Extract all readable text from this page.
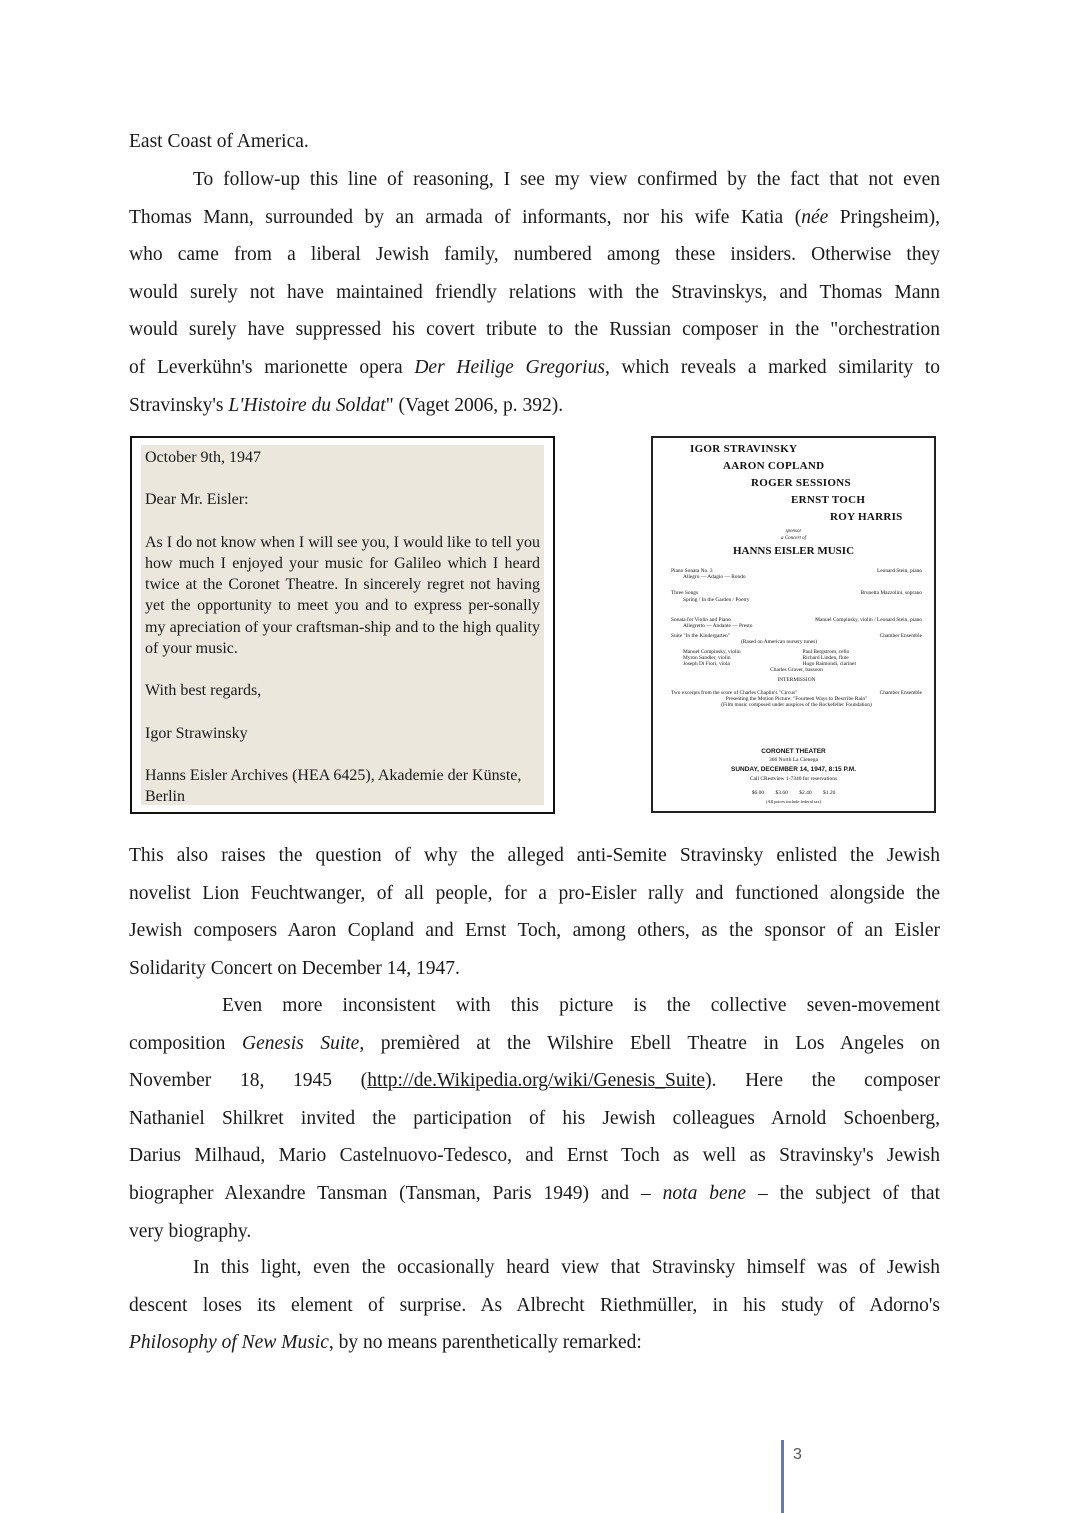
East Coast of America.
To follow-up this line of reasoning, I see my view confirmed by the fact that not even
Thomas Mann, surrounded by an armada of informants, nor his wife Katia (née Pringsheim),
who came from a liberal Jewish family, numbered among these insiders. Otherwise they
would surely not have maintained friendly relations with the Stravinskys, and Thomas Mann
would surely have suppressed his covert tribute to the Russian composer in the "orchestration
of Leverkühn's marionette opera Der Heilige Gregorius, which reveals a marked similarity to
Stravinsky's L'Histoire du Soldat" (Vaget 2006, p. 392).
October 9th, 1947
Dear Mr. Eisler:
As I do not know when I will see you, I would like to tell you how much I enjoyed your music for Galileo which I heard twice at the Coronet Theatre. In sincerely regret not having yet the opportunity to meet you and to express per-sonally my apreciation of your craftsman-ship and to the high quality of your music.
With best regards,
Igor Strawinsky
Hanns Eisler Archives (HEA 6425), Akademie der Künste, Berlin
IGOR STRAVINSKY
AARON COPLAND
ROGER SESSIONS
ERNST TOCH
ROY HARRIS
sponsor
a Concert of
HANNS EISLER MUSIC
Piano Sonata No. 3	Leonard Stein, piano
Allegro — Adagio — Rondo
Three Songs	Brunetta Mazzolini, soprano
Spring / In the Garden / Poetry
Sonata for Violin and Piano	Manuel Compinsky, violin / Leonard Stein, piano
Allegretto — Andante — Presto
Suite "In the Kindergarten"	Chamber Ensemble
(Based on American nursery tunes)
Manuel Compinsky, violin	Paul Bergstrom, cello
Myron Sandler, violin	Richard Linden, flute
Joseph Di Fiori, viola	Hugo Raimondi, clarinet
Charles Graver, bassoon
INTERMISSION
Two excerpts from the score of Charles Chaplin's "Circus"	Chamber Ensemble
Presenting the Motion Picture: "Fourteen Ways to Describe Rain"
(Film music composed under auspices of the Rockefeller Foundation)
CORONET THEATER
366 North La Cienega
SUNDAY, DECEMBER 14, 1947, 8:15 P.M.
Call CRestview 1-7340 for reservations
$6.00 $3.60 $2.40 $1.20
(All prices include federal tax)
This also raises the question of why the alleged anti-Semite Stravinsky enlisted the Jewish
novelist Lion Feuchtwanger, of all people, for a pro-Eisler rally and functioned alongside the
Jewish composers Aaron Copland and Ernst Toch, among others, as the sponsor of an Eisler
Solidarity Concert on December 14, 1947.
Even more inconsistent with this picture is the collective seven-movement
composition Genesis Suite, premièred at the Wilshire Ebell Theatre in Los Angeles on
November 18, 1945 (http://de.Wikipedia.org/wiki/Genesis_Suite). Here the composer
Nathaniel Shilkret invited the participation of his Jewish colleagues Arnold Schoenberg,
Darius Milhaud, Mario Castelnuovo-Tedesco, and Ernst Toch as well as Stravinsky's Jewish
biographer Alexandre Tansman (Tansman, Paris 1949) and – nota bene – the subject of that
very biography.
In this light, even the occasionally heard view that Stravinsky himself was of Jewish
descent loses its element of surprise. As Albrecht Riethmüller, in his study of Adorno's
Philosophy of New Music, by no means parenthetically remarked:
3
